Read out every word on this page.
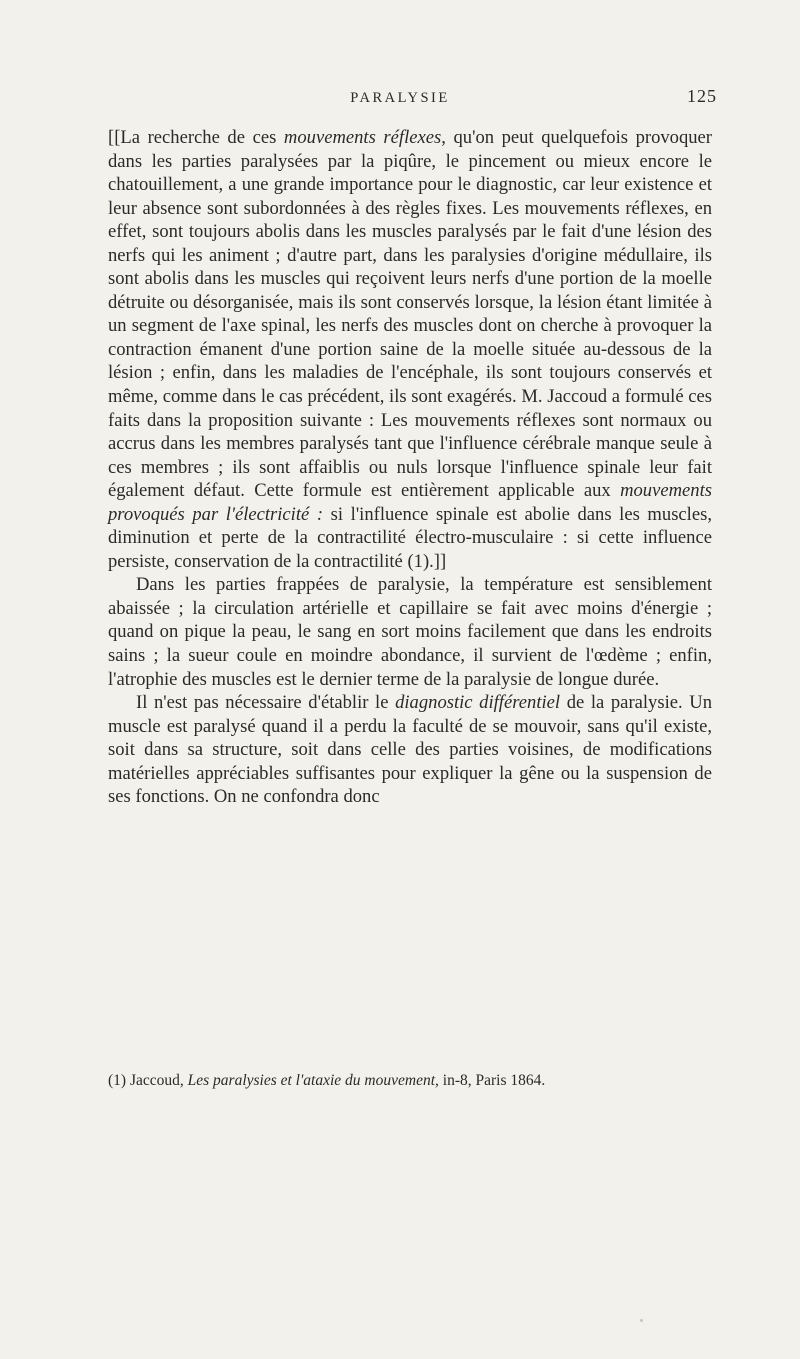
PARALYSIE	125

[[La recherche de ces mouvements réflexes, qu'on peut quelquefois provoquer dans les parties paralysées par la piqûre, le pincement ou mieux encore le chatouillement, a une grande importance pour le diagnostic, car leur existence et leur absence sont subordonnées à des règles fixes. Les mouvements réflexes, en effet, sont toujours abolis dans les muscles paralysés par le fait d'une lésion des nerfs qui les animent ; d'autre part, dans les paralysies d'origine médullaire, ils sont abolis dans les muscles qui reçoivent leurs nerfs d'une portion de la moelle détruite ou désorganisée, mais ils sont conservés lorsque, la lésion étant limitée à un segment de l'axe spinal, les nerfs des muscles dont on cherche à provoquer la contraction émanent d'une portion saine de la moelle située au-dessous de la lésion ; enfin, dans les maladies de l'encéphale, ils sont toujours conservés et même, comme dans le cas précédent, ils sont exagérés. M. Jaccoud a formulé ces faits dans la proposition suivante : Les mouvements réflexes sont normaux ou accrus dans les membres paralysés tant que l'influence cérébrale manque seule à ces membres ; ils sont affaiblis ou nuls lorsque l'influence spinale leur fait également défaut. Cette formule est entièrement applicable aux mouvements provoqués par l'électricité : si l'influence spinale est abolie dans les muscles, diminution et perte de la contractilité électro-musculaire : si cette influence persiste, conservation de la contractilité (1).]]

Dans les parties frappées de paralysie, la température est sensiblement abaissée ; la circulation artérielle et capillaire se fait avec moins d'énergie ; quand on pique la peau, le sang en sort moins facilement que dans les endroits sains ; la sueur coule en moindre abondance, il survient de l'œdème ; enfin, l'atrophie des muscles est le dernier terme de la paralysie de longue durée.

Il n'est pas nécessaire d'établir le diagnostic différentiel de la paralysie. Un muscle est paralysé quand il a perdu la faculté de se mouvoir, sans qu'il existe, soit dans sa structure, soit dans celle des parties voisines, de modifications matérielles appréciables suffisantes pour expliquer la gêne ou la suspension de ses fonctions. On ne confondra donc

(1) Jaccoud, Les paralysies et l'ataxie du mouvement, in-8, Paris 1864.
